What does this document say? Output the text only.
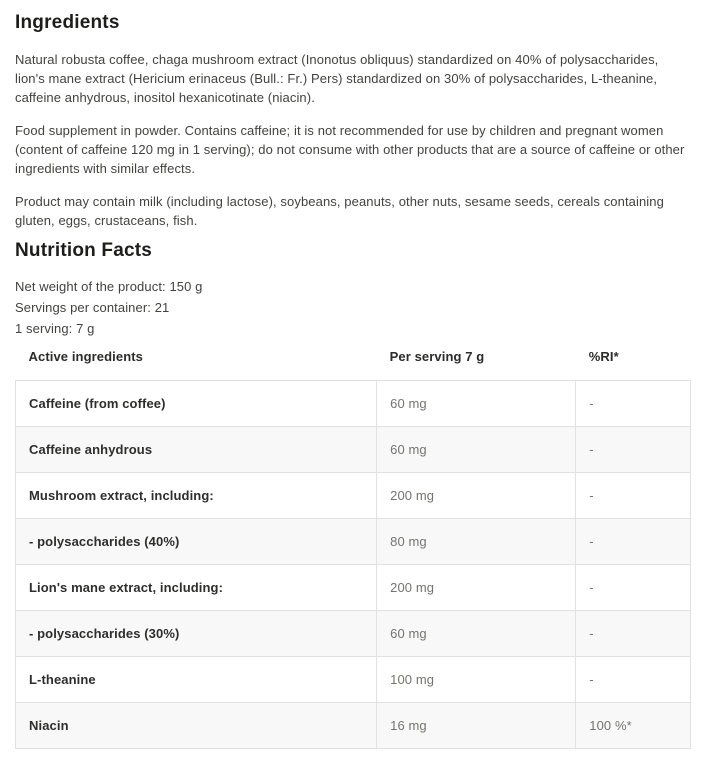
Ingredients

Natural robusta coffee, chaga mushroom extract (Inonotus obliquus) standardized on 40% of polysaccharides, lion's mane extract (Hericium erinaceus (Bull.: Fr.) Pers) standardized on 30% of polysaccharides, L-theanine, caffeine anhydrous, inositol hexanicotinate (niacin).

Food supplement in powder. Contains caffeine; it is not recommended for use by children and pregnant women (content of caffeine 120 mg in 1 serving); do not consume with other products that are a source of caffeine or other ingredients with similar effects.

Product may contain milk (including lactose), soybeans, peanuts, other nuts, sesame seeds, cereals containing gluten, eggs, crustaceans, fish.

Nutrition Facts
Net weight of the product: 150 g
Servings per container: 21
1 serving: 7 g
Active ingredients	Per serving 7 g	%RI*
Caffeine (from coffee)	60 mg	-
Caffeine anhydrous	60 mg	-
Mushroom extract, including:	200 mg	-
- polysaccharides (40%)	80 mg	-
Lion's mane extract, including:	200 mg	-
- polysaccharides (30%)	60 mg	-
L-theanine	100 mg	-
Niacin	16 mg	100 %*
